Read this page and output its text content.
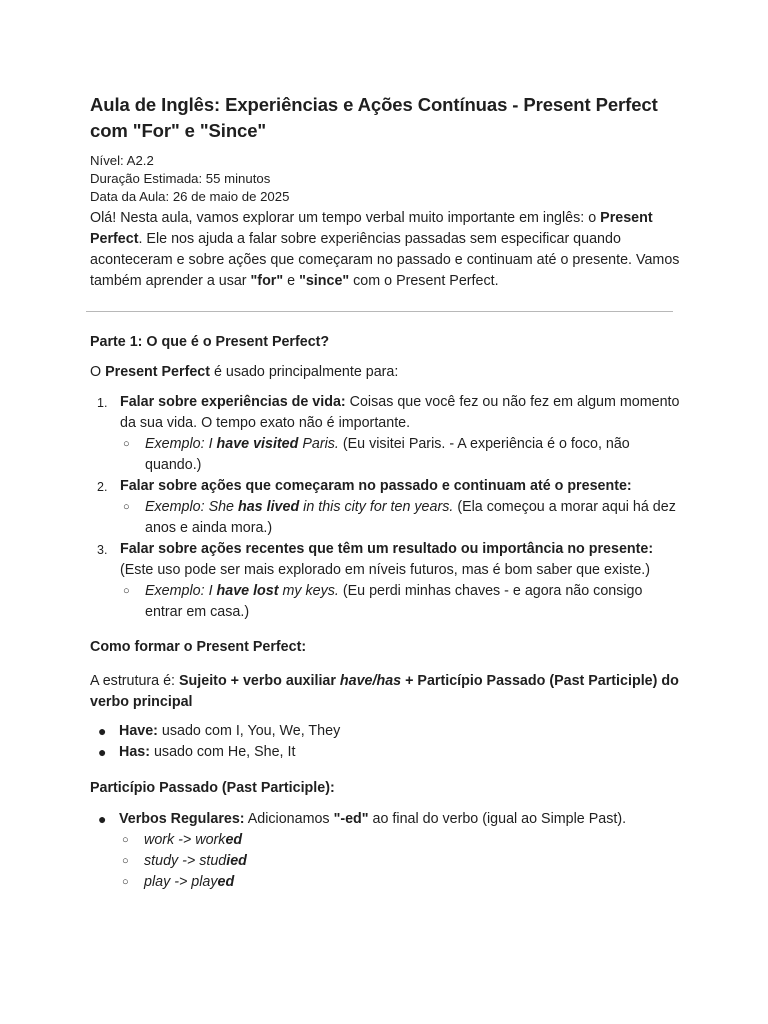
Aula de Inglês: Experiências e Ações Contínuas - Present Perfect com "For" e "Since"
Nível: A2.2
Duração Estimada: 55 minutos
Data da Aula: 26 de maio de 2025

Olá! Nesta aula, vamos explorar um tempo verbal muito importante em inglês: o Present Perfect. Ele nos ajuda a falar sobre experiências passadas sem especificar quando aconteceram e sobre ações que começaram no passado e continuam até o presente. Vamos também aprender a usar "for" e "since" com o Present Perfect.

Parte 1: O que é o Present Perfect?

O Present Perfect é usado principalmente para:

1. Falar sobre experiências de vida: Coisas que você fez ou não fez em algum momento da sua vida. O tempo exato não é importante.
○ Exemplo: I have visited Paris. (Eu visitei Paris. - A experiência é o foco, não quando.)
2. Falar sobre ações que começaram no passado e continuam até o presente:
○ Exemplo: She has lived in this city for ten years. (Ela começou a morar aqui há dez anos e ainda mora.)
3. Falar sobre ações recentes que têm um resultado ou importância no presente: (Este uso pode ser mais explorado em níveis futuros, mas é bom saber que existe.)
○ Exemplo: I have lost my keys. (Eu perdi minhas chaves - e agora não consigo entrar em casa.)
Como formar o Present Perfect:

A estrutura é: Sujeito + verbo auxiliar have/has + Particípio Passado (Past Participle) do verbo principal

● Have: usado com I, You, We, They
● Has: usado com He, She, It
Particípio Passado (Past Participle):
● Verbos Regulares: Adicionamos "-ed" ao final do verbo (igual ao Simple Past).
○ work -> worked
○ study -> studied
○ play -> played
